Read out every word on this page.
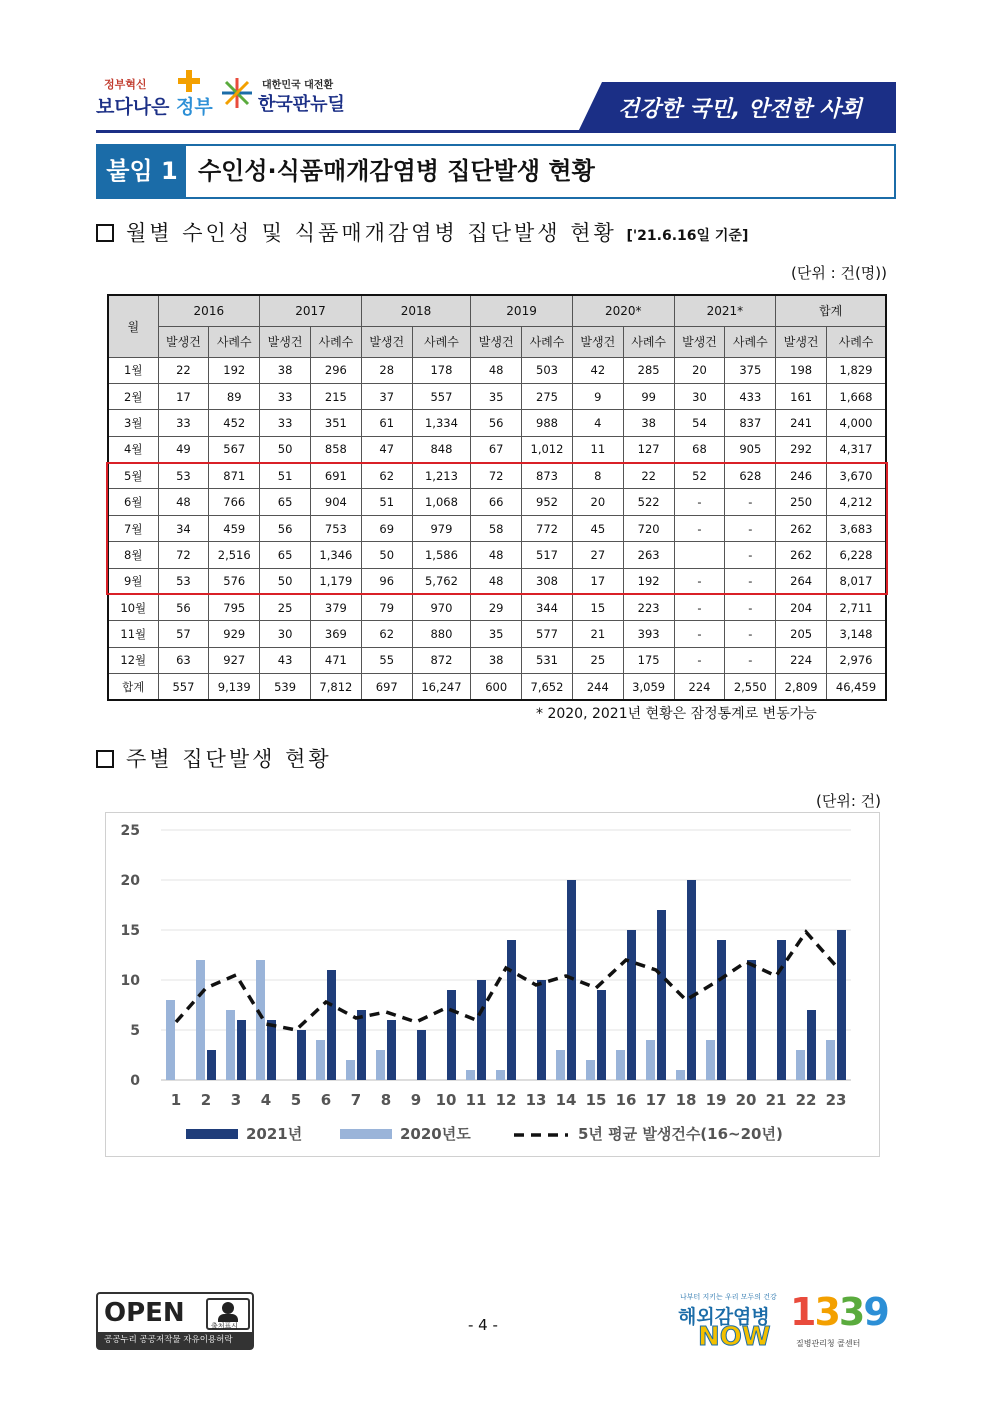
정부혁신
보다나은 정부
대한민국 대전환
한국판뉴딜	건강한 국민, 안전한 사회
붙임 1 수인성·식품매개감염병 집단발생 현황
월별 수인성 및 식품매개감염병 집단발생 현황 ['21.6.16일 기준]
(단위 : 건(명))
월	2016		2017		2018		2019		2020*		2021*		합계	
	발생건	사례수	발생건	사례수	발생건	사례수	발생건	사례수	발생건	사례수	발생건	사례수	발생건	사례수
1월	22	192	38	296	28	178	48	503	42	285	20	375	198	1,829
2월	17	89	33	215	37	557	35	275	9	99	30	433	161	1,668
3월	33	452	33	351	61	1,334	56	988	4	38	54	837	241	4,000
4월	49	567	50	858	47	848	67	1,012	11	127	68	905	292	4,317
5월	53	871	51	691	62	1,213	72	873	8	22	52	628	246	3,670
6월	48	766	65	904	51	1,068	66	952	20	522	-	-	250	4,212
7월	34	459	56	753	69	979	58	772	45	720	-	-	262	3,683
8월	72	2,516	65	1,346	50	1,586	48	517	27	263		-	262	6,228
9월	53	576	50	1,179	96	5,762	48	308	17	192	-	-	264	8,017
10월	56	795	25	379	79	970	29	344	15	223	-	-	204	2,711
11월	57	929	30	369	62	880	35	577	21	393	-	-	205	3,148
12월	63	927	43	471	55	872	38	531	25	175	-	-	224	2,976
합계	557	9,139	539	7,812	697	16,247	600	7,652	244	3,059	224	2,550	2,809	46,459
* 2020, 2021년 현황은 잠정통계로 변동가능
주별 집단발생 현황
(단위: 건)
0
5
10
15
20
25
1 2 3 4 5 6 7 8 9 10 11 12 13 14 15 16 17 18 19 20 21 22 23
2021년	2020년도	5년 평균 발생건수(16~20년)
OPEN	출처표시
공공누리 공공저작물 자유이용허락
- 4 -
나부터 지키는 우리 모두의 건강
해외감염병
NOW
1339
질병관리청 콜센터
